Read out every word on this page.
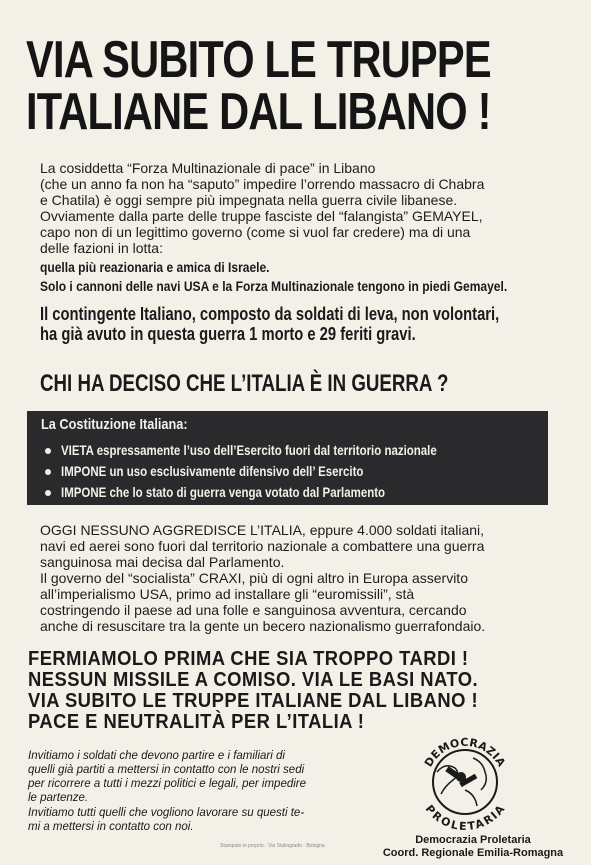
VIA SUBITO LE TRUPPE
ITALIANE DAL LIBANO !
La cosiddetta “Forza Multinazionale di pace” in Libano
(che un anno fa non ha “saputo” impedire l’orrendo massacro di Chabra
e Chatila) è oggi sempre più impegnata nella guerra civile libanese.
Ovviamente dalla parte delle truppe fasciste del “falangista” GEMAYEL,
capo non di un legittimo governo (come si vuol far credere) ma di una
delle fazioni in lotta:
quella più reazionaria e amica di Israele.
Solo i cannoni delle navi USA e la Forza Multinazionale tengono in piedi Gemayel.
Il contingente Italiano, composto da soldati di leva, non volontari,
ha già avuto in questa guerra 1 morto e 29 feriti gravi.
CHI HA DECISO CHE L’ITALIA È IN GUERRA ?
La Costituzione Italiana:
VIETA espressamente l’uso dell’Esercito fuori dal territorio nazionale
IMPONE un uso esclusivamente difensivo dell’ Esercito
IMPONE che lo stato di guerra venga votato dal Parlamento
OGGI NESSUNO AGGREDISCE L’ITALIA, eppure 4.000 soldati italiani,
navi ed aerei sono fuori dal territorio nazionale a combattere una guerra
sanguinosa mai decisa dal Parlamento.
Il governo del “socialista” CRAXI, più di ogni altro in Europa asservito
all’imperialismo USA, primo ad installare gli “euromissili”, stà
costringendo il paese ad una folle e sanguinosa avventura, cercando
anche di resuscitare tra la gente un becero nazionalismo guerrafondaio.
FERMIAMOLO PRIMA CHE SIA TROPPO TARDI !
NESSUN MISSILE A COMISO. VIA LE BASI NATO.
VIA SUBITO LE TRUPPE ITALIANE DAL LIBANO !
PACE E NEUTRALITÀ PER L’ITALIA !
Invitiamo i soldati che devono partire e i familiari di
quelli già partiti a mettersi in contatto con le nostri sedi
per ricorrere a tutti i mezzi politici e legali, per impedire
le partenze.
Invitiamo tutti quelli che vogliono lavorare su questi te-
mi a mettersi in contatto con noi.
DEMOCRAZIA
PROLETARIA
Democrazia Proletaria
Coord. Regionale Emilia-Romagna
Stampato in proprio · Via Stalingrado · Bologna
